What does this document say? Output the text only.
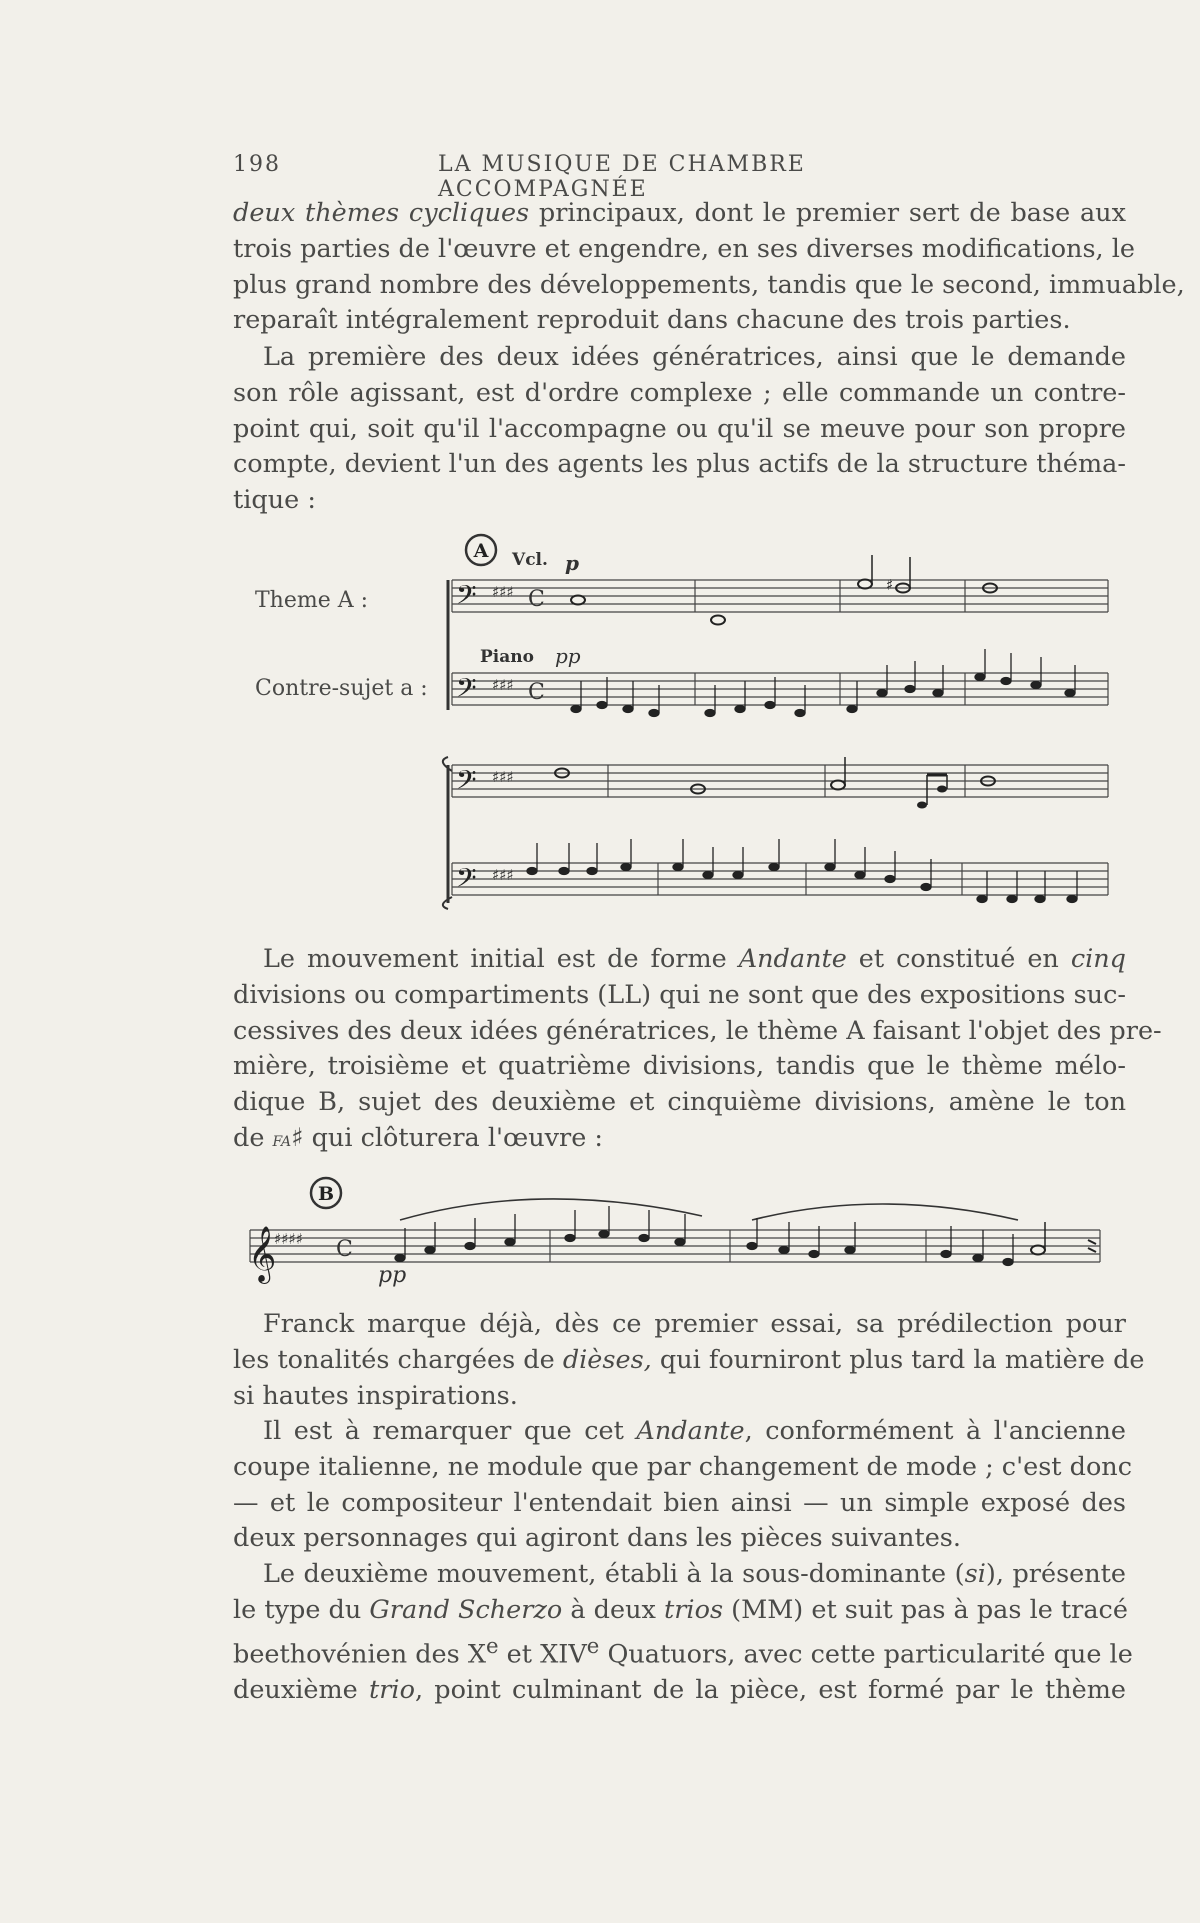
198	LA MUSIQUE DE CHAMBRE ACCOMPAGNÉE
deux thèmes cycliques principaux, dont le premier sert de base aux
trois parties de l'œuvre et engendre, en ses diverses modifications, le
plus grand nombre des développements, tandis que le second, immuable,
reparaît intégralement reproduit dans chacune des trois parties.
La première des deux idées génératrices, ainsi que le demande
son rôle agissant, est d'ordre complexe ; elle commande un contre-
point qui, soit qu'il l'accompagne ou qu'il se meuve pour son propre
compte, devient l'un des agents les plus actifs de la structure théma-
tique :
Theme A :
Contre-sujet a :
A Vcl. p
𝄢 ♯♯♯ C
♯
Piano pp
𝄢 ♯♯♯ C
𝄢 ♯♯♯
𝄢 ♯♯♯
Le mouvement initial est de forme Andante et constitué en cinq
divisions ou compartiments (LL) qui ne sont que des expositions suc-
cessives des deux idées génératrices, le thème A faisant l'objet des pre-
mière, troisième et quatrième divisions, tandis que le thème mélo-
dique B, sujet des deuxième et cinquième divisions, amène le ton
de fa♯ qui clôturera l'œuvre :
B
𝄞
♯♯♯♯ C
pp
Franck marque déjà, dès ce premier essai, sa prédilection pour
les tonalités chargées de dièses, qui fourniront plus tard la matière de
si hautes inspirations.
Il est à remarquer que cet Andante, conformément à l'ancienne
coupe italienne, ne module que par changement de mode ; c'est donc
— et le compositeur l'entendait bien ainsi — un simple exposé des
deux personnages qui agiront dans les pièces suivantes.
Le deuxième mouvement, établi à la sous-dominante (si), présente
le type du Grand Scherzo à deux trios (MM) et suit pas à pas le tracé
beethovénien des Xe et XIVe Quatuors, avec cette particularité que le
deuxième trio, point culminant de la pièce, est formé par le thème
